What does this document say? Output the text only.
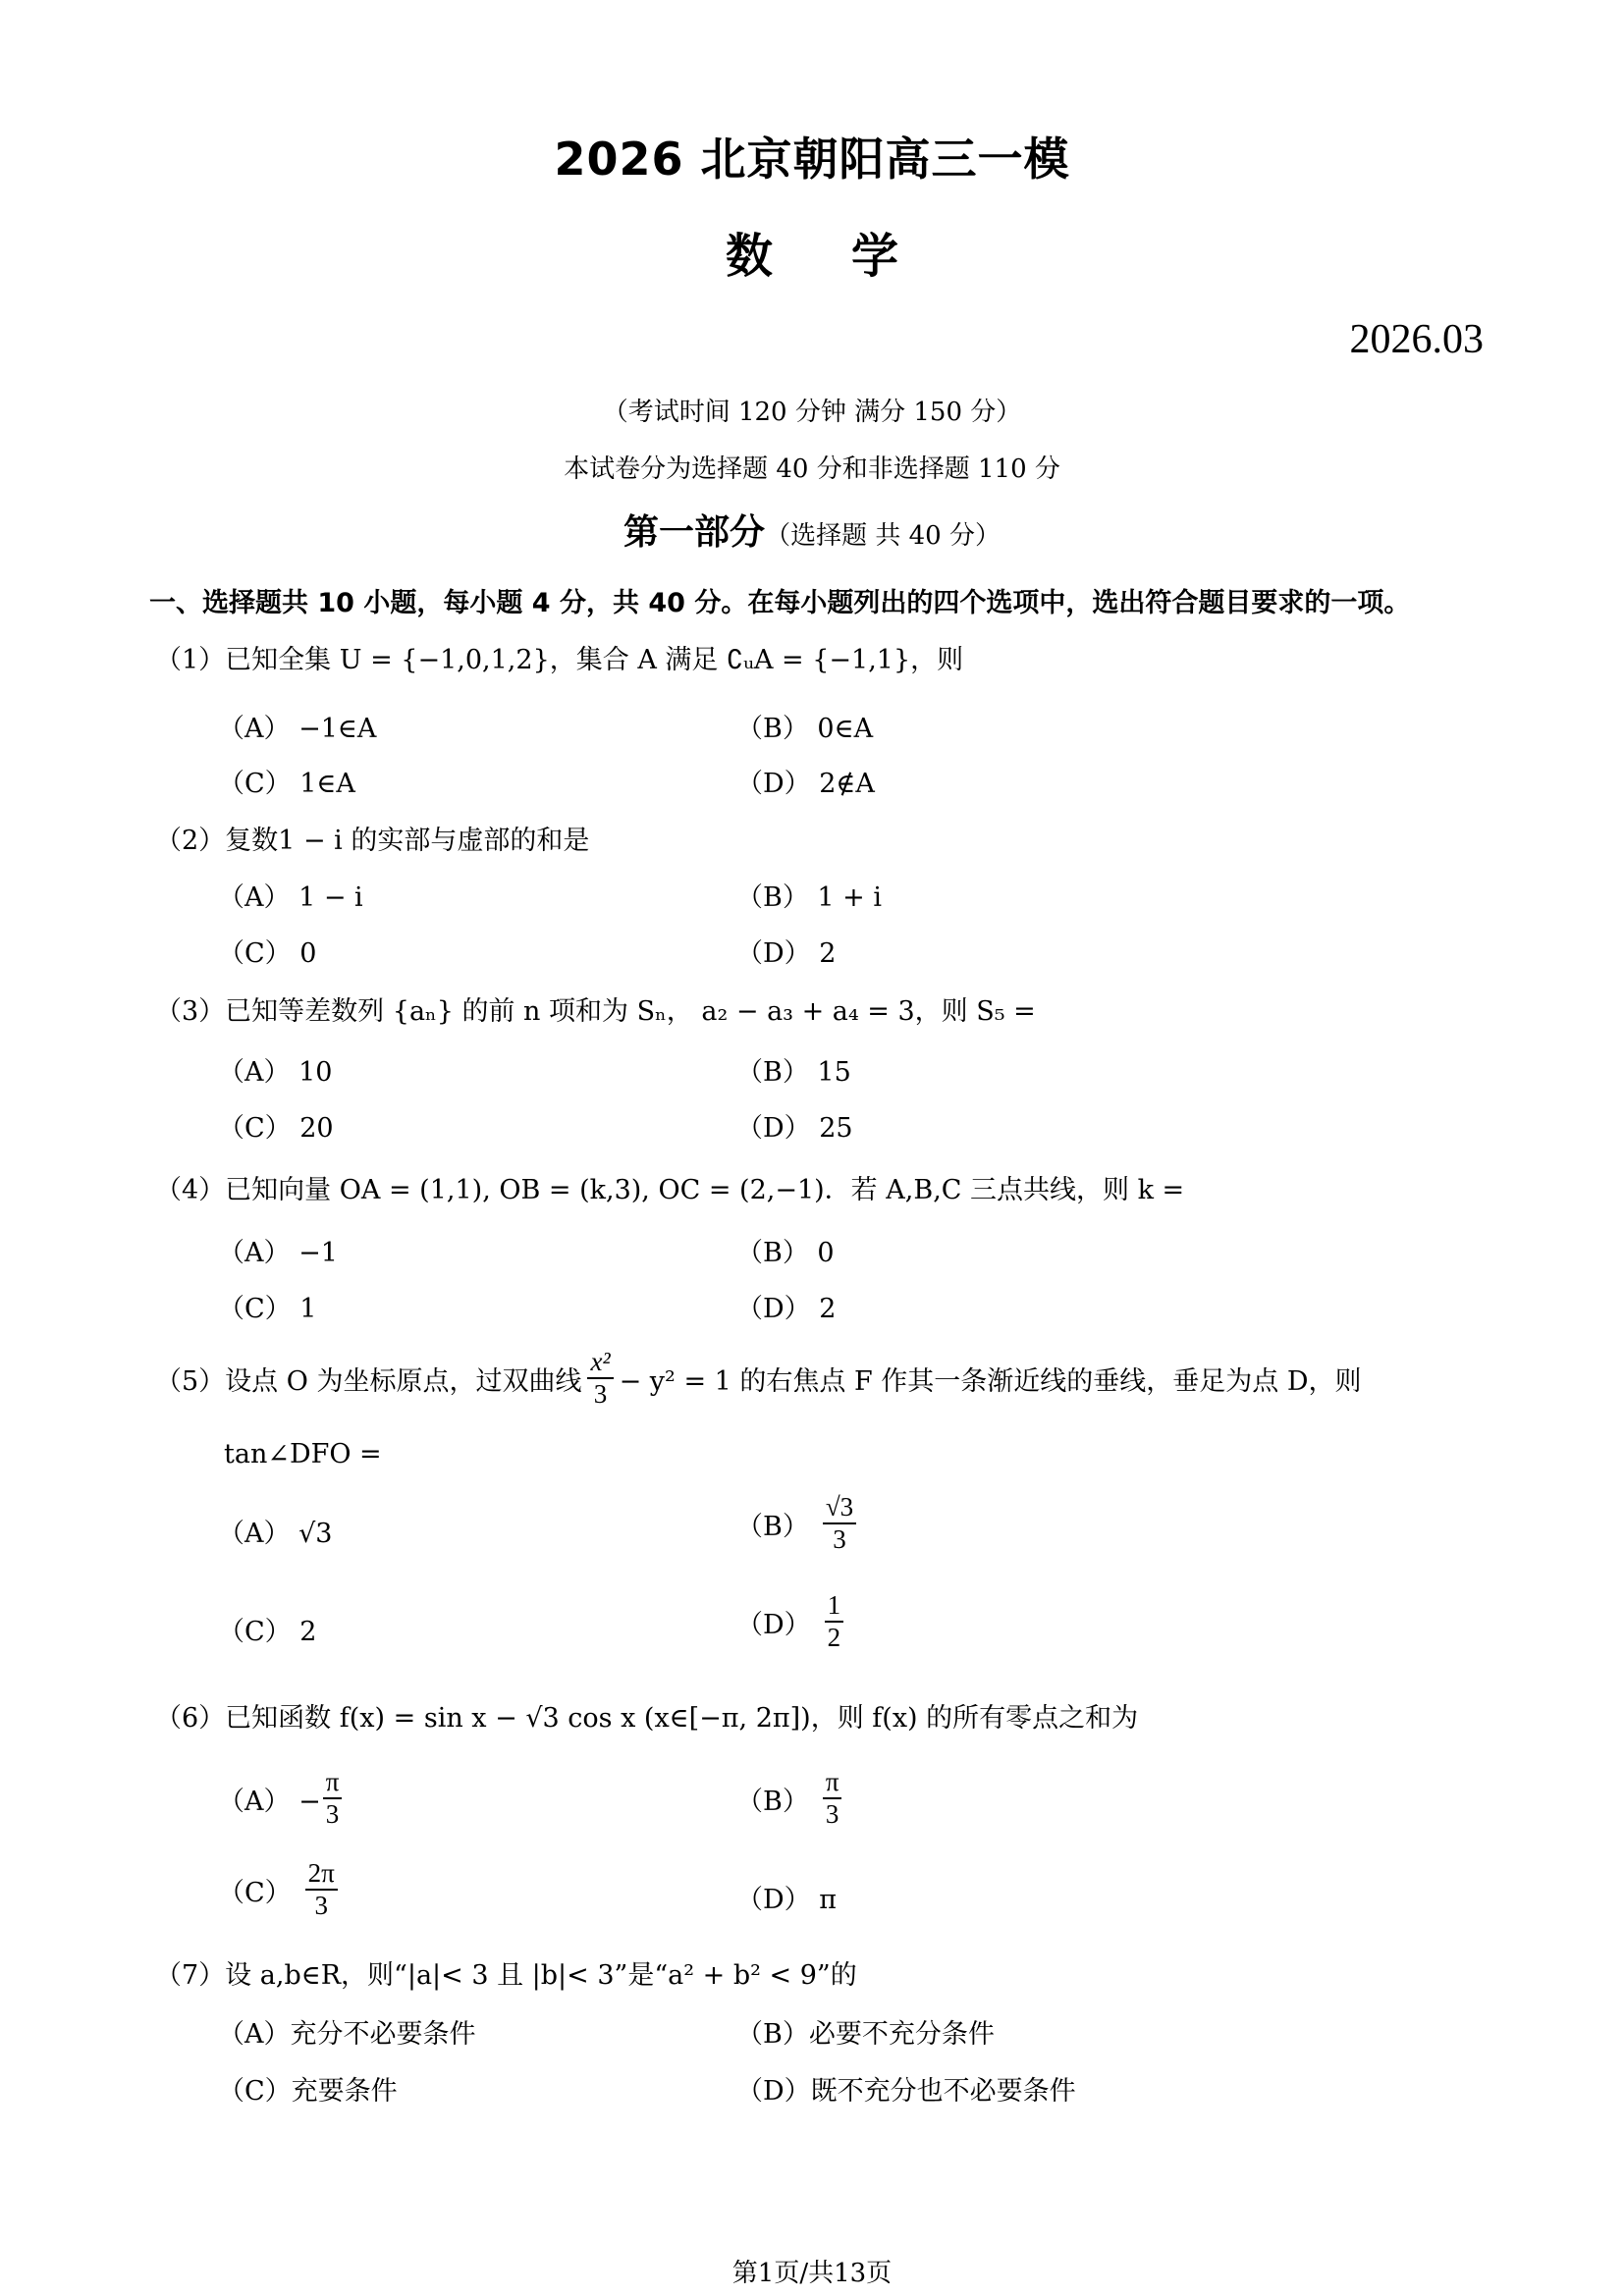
2026 北京朝阳高三一模
数学
2026.03
（考试时间 120 分钟 满分 150 分）
本试卷分为选择题 40 分和非选择题 110 分
第一部分（选择题 共 40 分）
一、选择题共 10 小题，每小题 4 分，共 40 分。在每小题列出的四个选项中，选出符合题目要求的一项。
（1）已知全集 U = {−1,0,1,2}，集合 A 满足 ∁ᵤA = {−1,1}，则
（A） −1∈A	（B） 0∈A
（C） 1∈A	（D） 2∉A
（2）复数1 − i 的实部与虚部的和是
（A） 1 − i	（B） 1 + i
（C） 0	（D） 2
（3）已知等差数列 {aₙ} 的前 n 项和为 Sₙ， a₂ − a₃ + a₄ = 3，则 S₅ =
（A） 10	（B） 15
（C） 20	（D） 25
（4）已知向量 OA = (1,1), OB = (k,3), OC = (2,−1)．若 A,B,C 三点共线，则 k =
（A） −1	（B） 0
（C） 1	（D） 2
（5）设点 O 为坐标原点，过双曲线 $\frac{\text{x²}}{3} - y^2 = 1$ 的右焦点 F 作其一条渐近线的垂线，垂足为点 D，则
tan∠DFO =
（A） √3	$(B) \frac{√3}{3}$
（C） 2	$(D) \frac{1}{2}$
（6）已知函数 f(x) = sin x − √3 cos x (x∈[−π, 2π])，则 f(x) 的所有零点之和为
$(A) - \frac{\pi}{3}$	$(B) \frac{\pi}{3}$
$(C) \frac{2\pi}{3}$	（D） π
（7）设 a,b∈R，则“|a|< 3 且 |b|< 3”是“a² + b² < 9”的
（A）充分不必要条件	（B）必要不充分条件
（C）充要条件	（D）既不充分也不必要条件
第1页/共13页
